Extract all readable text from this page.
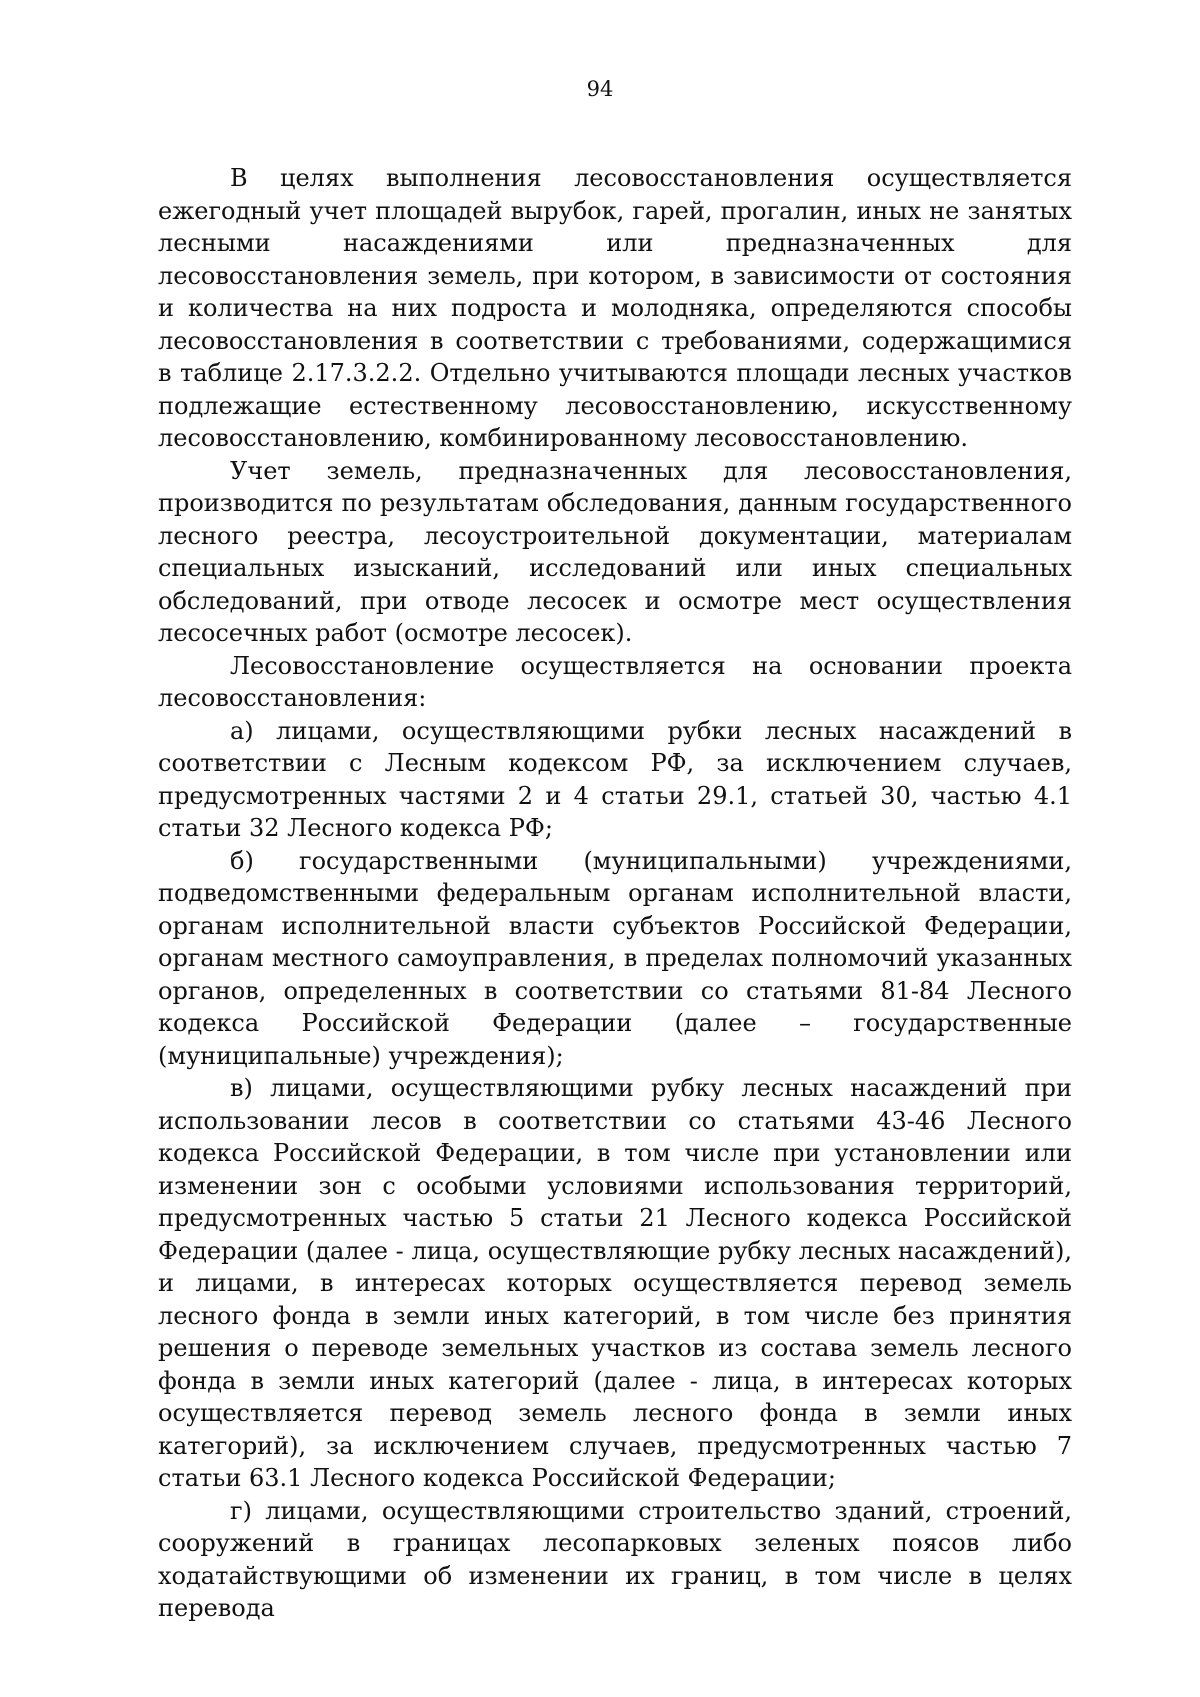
94

В целях выполнения лесовосстановления осуществляется ежегодный учет площадей вырубок, гарей, прогалин, иных не занятых лесными насаждениями или предназначенных для лесовосстановления земель, при котором, в зависимости от состояния и количества на них подроста и молодняка, определяются способы лесовосстановления в соответствии с требованиями, содержащимися в таблице 2.17.3.2.2. Отдельно учитываются площади лесных участков подлежащие естественному лесовосстановлению, искусственному лесовосстановлению, комбинированному лесовосстановлению.

Учет земель, предназначенных для лесовосстановления, производится по результатам обследования, данным государственного лесного реестра, лесоустроительной документации, материалам специальных изысканий, исследований или иных специальных обследований, при отводе лесосек и осмотре мест осуществления лесосечных работ (осмотре лесосек).

Лесовосстановление осуществляется на основании проекта лесовосстановления:

а) лицами, осуществляющими рубки лесных насаждений в соответствии с Лесным кодексом РФ, за исключением случаев, предусмотренных частями 2 и 4 статьи 29.1, статьей 30, частью 4.1 статьи 32 Лесного кодекса РФ;

б) государственными (муниципальными) учреждениями, подведомственными федеральным органам исполнительной власти, органам исполнительной власти субъектов Российской Федерации, органам местного самоуправления, в пределах полномочий указанных органов, определенных в соответствии со статьями 81-84 Лесного кодекса Российской Федерации (далее – государственные (муниципальные) учреждения);

в) лицами, осуществляющими рубку лесных насаждений при использовании лесов в соответствии со статьями 43-46 Лесного кодекса Российской Федерации, в том числе при установлении или изменении зон с особыми условиями использования территорий, предусмотренных частью 5 статьи 21 Лесного кодекса Российской Федерации (далее - лица, осуществляющие рубку лесных насаждений), и лицами, в интересах которых осуществляется перевод земель лесного фонда в земли иных категорий, в том числе без принятия решения о переводе земельных участков из состава земель лесного фонда в земли иных категорий (далее - лица, в интересах которых осуществляется перевод земель лесного фонда в земли иных категорий), за исключением случаев, предусмотренных частью 7 статьи 63.1 Лесного кодекса Российской Федерации;

г) лицами, осуществляющими строительство зданий, строений, сооружений в границах лесопарковых зеленых поясов либо ходатайствующими об изменении их границ, в том числе в целях перевода
